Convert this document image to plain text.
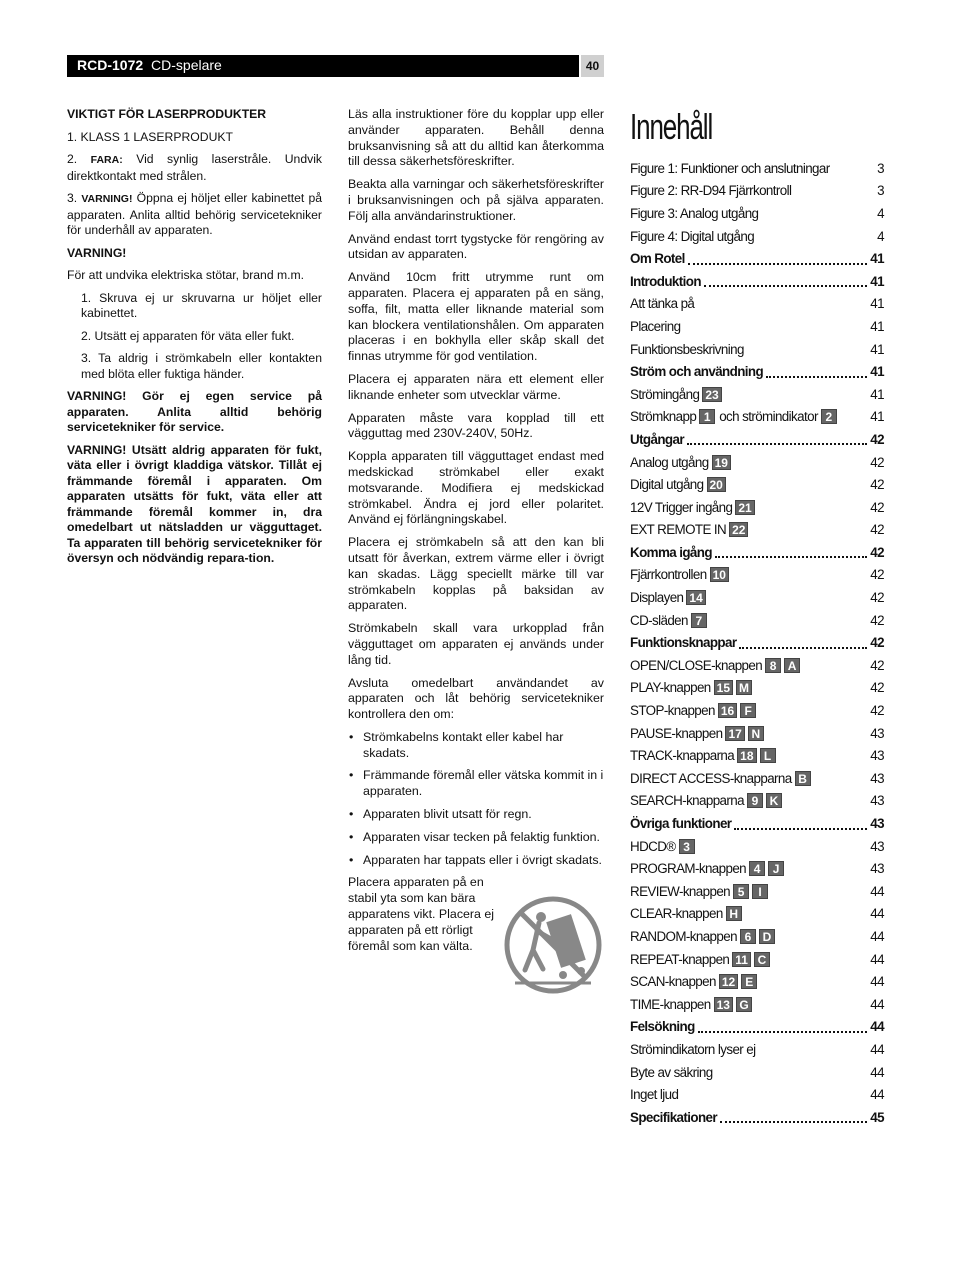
RCD-1072 CD-spelare	40
VIKTIGT FÖR LASERPRODUKTER

1. KLASS 1 LASERPRODUKT

2. FARA: Vid synlig laserstråle. Undvik direktkontakt med strålen.

3. VARNING! Öppna ej höljet eller kabinettet på apparaten. Anlita alltid behörig servicetekniker för underhåll av apparaten.

VARNING!

För att undvika elektriska stötar, brand m.m.

1. Skruva ej ur skruvarna ur höljet eller kabinettet.

2. Utsätt ej apparaten för väta eller fukt.

3. Ta aldrig i strömkabeln eller kontakten med blöta eller fuktiga händer.

VARNING! Gör ej egen service på apparaten. Anlita alltid behörig servicetekniker för service.

VARNING! Utsätt aldrig apparaten för fukt, väta eller i övrigt kladdiga vätskor. Tillåt ej främmande föremål i apparaten. Om apparaten utsätts för fukt, väta eller att främmande föremål kommer in, dra omedelbart ut nätsladden ur vägguttaget. Ta apparaten till behörig servicetekniker för översyn och nödvändig repara-tion.

Läs alla instruktioner före du kopplar upp eller använder apparaten. Behåll denna bruksanvisning så att du alltid kan återkomma till dessa säkerhetsföreskrifter.

Beakta alla varningar och säkerhetsföreskrifter i bruksanvisningen och på själva apparaten. Följ alla användarinstruktioner.

Använd endast torrt tygstycke för rengöring av utsidan av apparaten.

Använd 10cm fritt utrymme runt om apparaten. Placera ej apparaten på en säng, soffa, filt, matta eller liknande material som kan blockera ventilationshålen. Om apparaten placeras i en bokhylla eller skåp skall det finnas utrymme för god ventilation.

Placera ej apparaten nära ett element eller liknande enheter som utvecklar värme.

Apparaten måste vara kopplad till ett vägguttag med 230V-240V, 50Hz.

Koppla apparaten till vägguttaget endast med medskickad strömkabel eller exakt motsvarande. Modifiera ej medskickad strömkabel. Ändra ej jord eller polaritet. Använd ej förlängningskabel.

Placera ej strömkabeln så att den kan bli utsatt för åverkan, extrem värme eller i övrigt kan skadas. Lägg speciellt märke till var strömkabeln kopplas på baksidan av apparaten.

Strömkabeln skall vara urkopplad från vägguttaget om apparaten ej används under lång tid.

Avsluta omedelbart användandet av apparaten och låt behörig servicetekniker kontrollera den om:

• Strömkabelns kontakt eller kabel har skadats.
• Främmande föremål eller vätska kommit in i apparaten.
• Apparaten blivit utsatt för regn.
• Apparaten visar tecken på felaktig funktion.
• Apparaten har tappats eller i övrigt skadats.

Placera apparaten på en stabil yta som kan bära apparatens vikt. Placera ej apparaten på ett rörligt föremål som kan välta.

Innehåll
Figure 1: Funktioner och anslutningar	3
Figure 2: RR-D94 Fjärrkontroll	3
Figure 3: Analog utgång	4
Figure 4: Digital utgång	4
Om Rotel	41
Introduktion	41
Att tänka på	41
Placering	41
Funktionsbeskrivning	41
Ström och användning	41
Strömingång 23	41
Strömknapp 1 och strömindikator 2	41
Utgångar	42
Analog utgång 19	42
Digital utgång 20	42
12V Trigger ingång 21	42
EXT REMOTE IN 22	42
Komma igång	42
Fjärrkontrollen 10	42
Displayen 14	42
CD-släden 7	42
Funktionsknappar	42
OPEN/CLOSE-knappen 8 A	42
PLAY-knappen 15 M	42
STOP-knappen 16 F	42
PAUSE-knappen 17 N	43
TRACK-knapparna 18 L	43
DIRECT ACCESS-knapparna B	43
SEARCH-knapparna 9 K	43
Övriga funktioner	43
HDCD® 3	43
PROGRAM-knappen 4	J	43
REVIEW-knappen 5	I	44
CLEAR-knappen H	44
RANDOM-knappen 6 D	44
REPEAT-knappen 11 C	44
SCAN-knappen 12 E	44
TIME-knappen 13 G	44
Felsökning	44
Strömindikatorn lyser ej	44
Byte av säkring	44
Inget ljud	44
Specifikationer	45
